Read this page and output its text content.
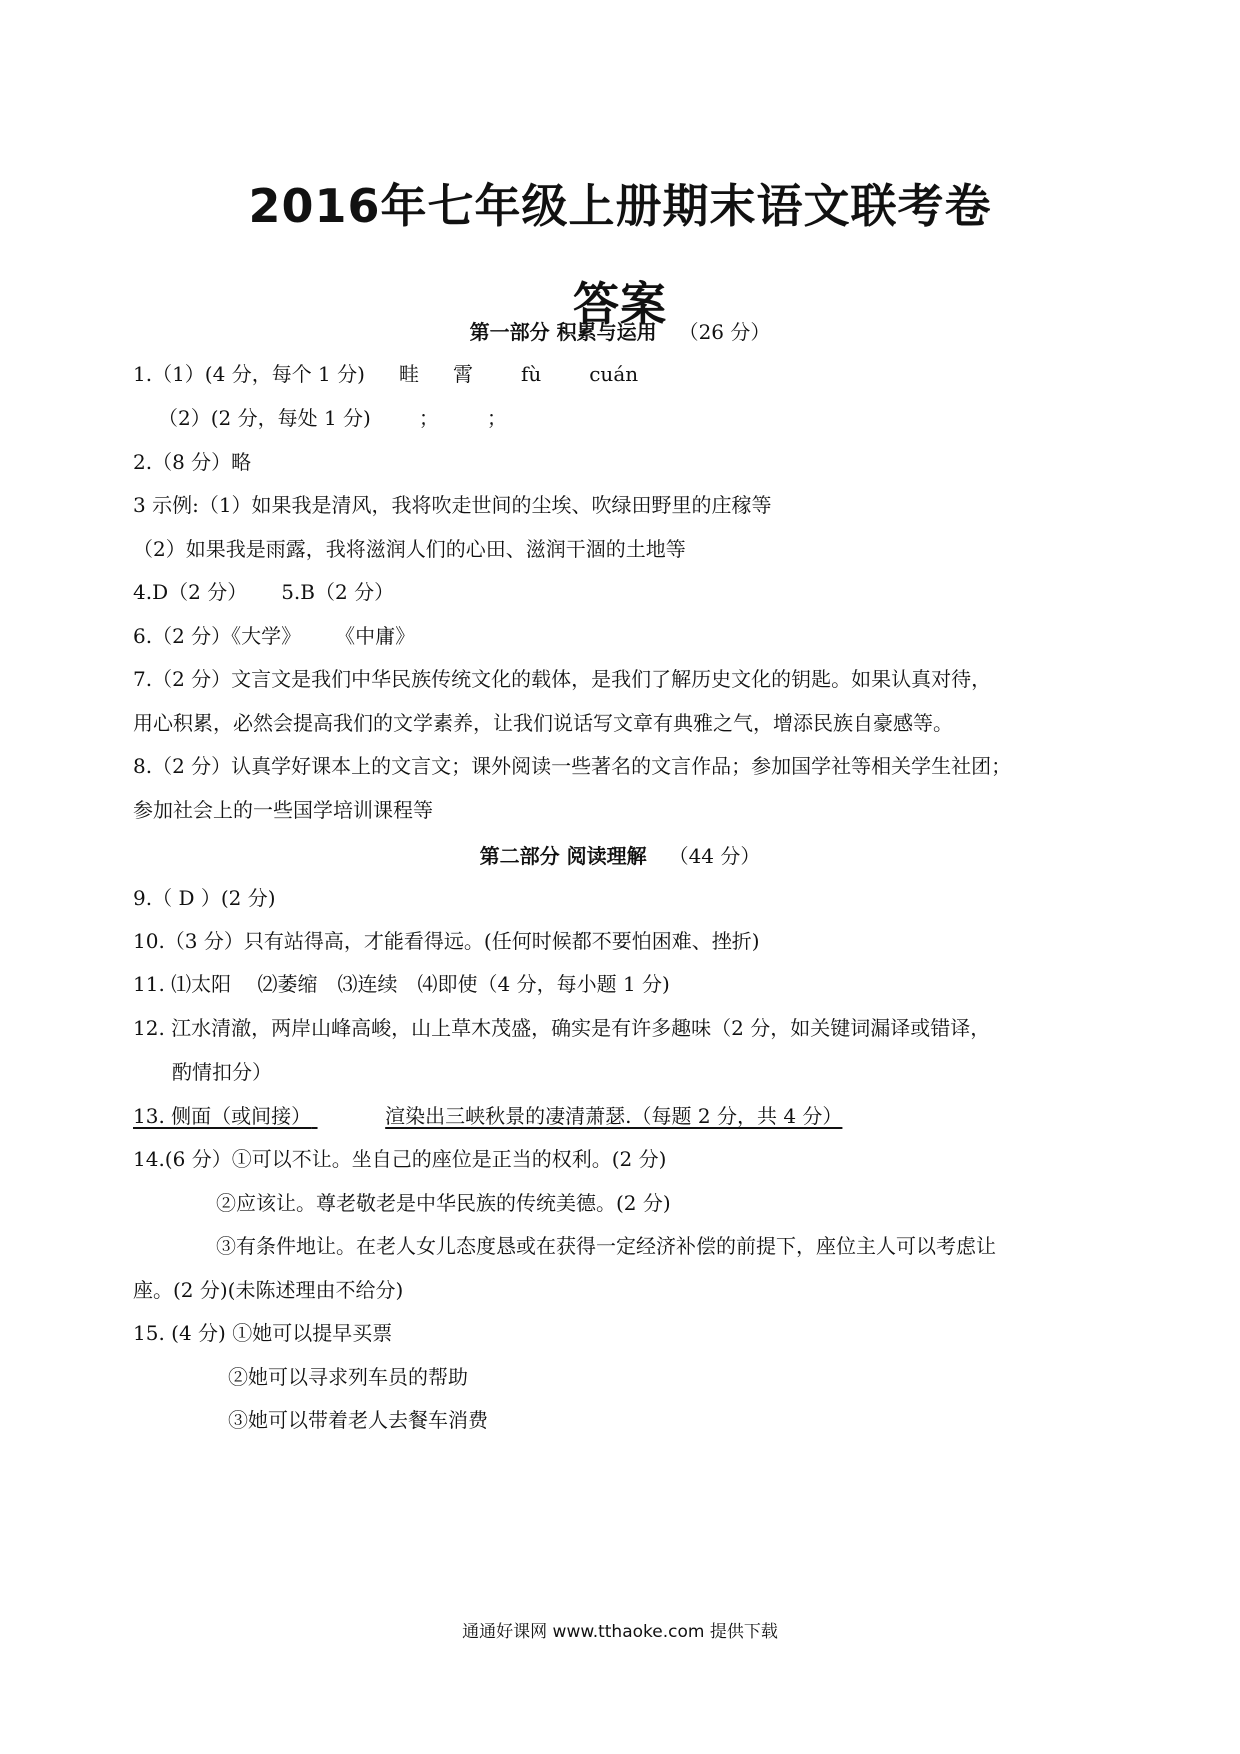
2016年七年级上册期末语文联考卷
答案
第一部分 积累与运用 （26 分）
1.（1）(4 分，每个 1 分) 畦 霄 fù cuán
（2）(2 分，每处 1 分) ； ；
2.（8 分）略
3 示例:（1）如果我是清风，我将吹走世间的尘埃、吹绿田野里的庄稼等
（2）如果我是雨露，我将滋润人们的心田、滋润干涸的土地等
4.D（2 分） 5.B（2 分）
6.（2 分）《大学》 《中庸》
7.（2 分）文言文是我们中华民族传统文化的载体，是我们了解历史文化的钥匙。如果认真对待，
用心积累，必然会提高我们的文学素养，让我们说话写文章有典雅之气，增添民族自豪感等。
8.（2 分）认真学好课本上的文言文；课外阅读一些著名的文言作品；参加国学社等相关学生社团；
参加社会上的一些国学培训课程等
第二部分 阅读理解 （44 分）
9.（ D ）(2 分)
10.（3 分）只有站得高，才能看得远。(任何时候都不要怕困难、挫折)
11. ⑴太阳　 ⑵萎缩　⑶连续　⑷即使（4 分，每小题 1 分)
12. 江水清澈，两岸山峰高峻，山上草木茂盛，确实是有许多趣味（2 分，如关键词漏译或错译，
酌情扣分）
13. 侧面（或间接）	渲染出三峡秋景的凄清萧瑟.（每题 2 分，共 4 分）
14.(6 分）①可以不让。坐自己的座位是正当的权利。(2 分)
②应该让。尊老敬老是中华民族的传统美德。(2 分)
③有条件地让。在老人女儿态度恳或在获得一定经济补偿的前提下，座位主人可以考虑让
座。(2 分)(未陈述理由不给分)
15. (4 分) ①她可以提早买票
②她可以寻求列车员的帮助
③她可以带着老人去餐车消费
通通好课网 www.tthaoke.com 提供下载
